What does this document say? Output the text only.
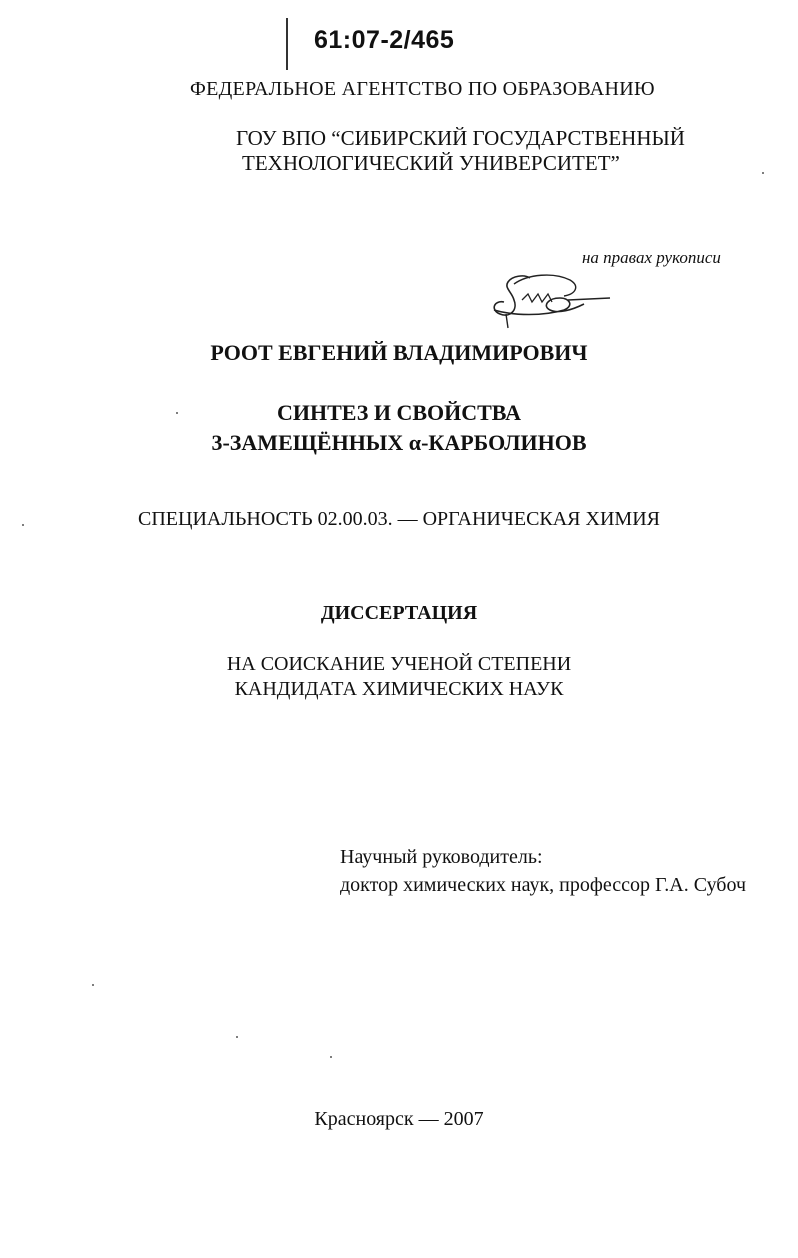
61:07-2/465
ФЕДЕРАЛЬНОЕ АГЕНТСТВО ПО ОБРАЗОВАНИЮ
ГОУ ВПО “СИБИРСКИЙ ГОСУДАРСТВЕННЫЙ
ТЕХНОЛОГИЧЕСКИЙ УНИВЕРСИТЕТ”
на правах рукописи
РООТ ЕВГЕНИЙ ВЛАДИМИРОВИЧ
СИНТЕЗ И СВОЙСТВА
3-ЗАМЕЩЁННЫХ α-КАРБОЛИНОВ
СПЕЦИАЛЬНОСТЬ 02.00.03. — ОРГАНИЧЕСКАЯ ХИМИЯ
ДИССЕРТАЦИЯ
НА СОИСКАНИЕ УЧЕНОЙ СТЕПЕНИ
КАНДИДАТА ХИМИЧЕСКИХ НАУК
Научный руководитель:
доктор химических наук, профессор Г.А. Субоч
Красноярск — 2007
